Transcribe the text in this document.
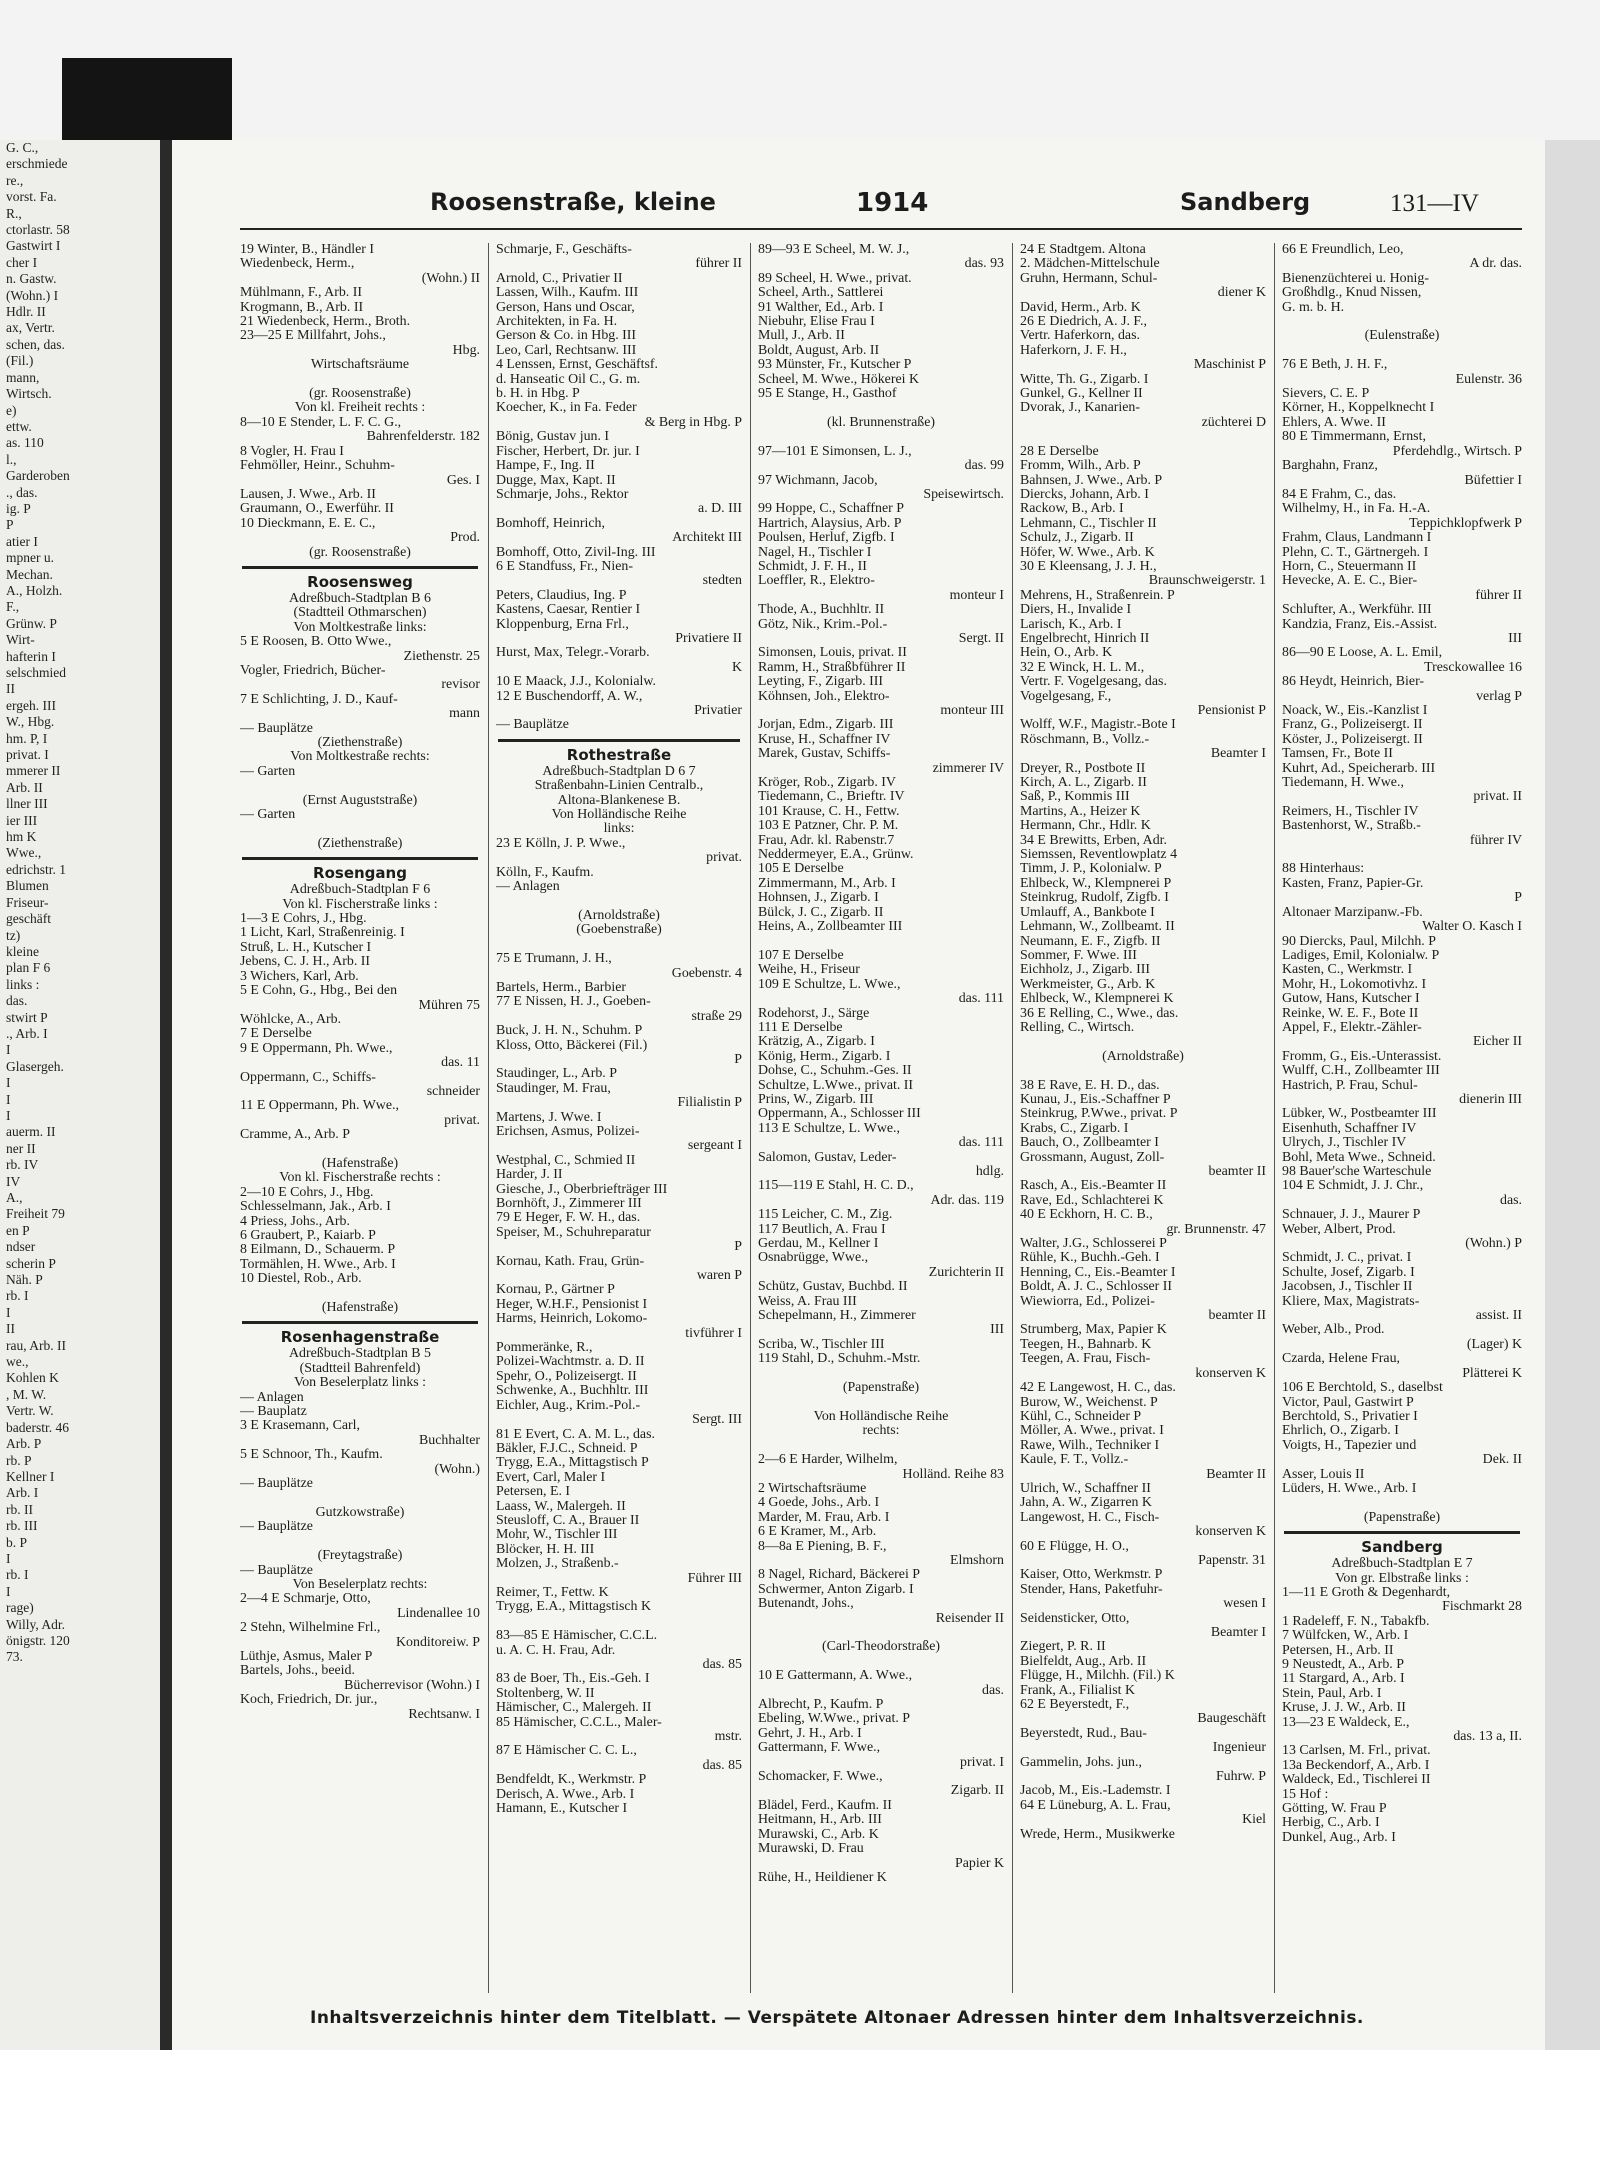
G. C.,
erschmiede
re.,
vorst. Fa.
R.,
ctorlastr. 58
Gastwirt I
cher I
n. Gastw.
(Wohn.) I
Hdlr. II
ax, Vertr.
schen, das.
(Fil.)
mann,
Wirtsch.
e)
ettw.
as. 110
l.,
Garderoben
., das.
ig. P
P
atier I
mpner u.
Mechan.
A., Holzh.
F.,
Grünw. P
Wirt-
hafterin I
selschmied
II
ergeh. III
W., Hbg.
hm. P, I
privat. I
mmerer II
Arb. II
llner III
ier III
hm K
Wwe.,
edrichstr. 1
Blumen
Friseur-
geschäft
tz)
kleine
plan F 6
links :
das.
stwirt P
., Arb. I
I
Glasergeh.
I
I
I
auerm. II
ner II
rb. IV
IV
A.,
Freiheit 79
en P
ndser
scherin P
Näh. P
rb. I
I
II
rau, Arb. II
we.,
Kohlen K
, M. W.
Vertr. W.
baderstr. 46
Arb. P
rb. P
Kellner I
Arb. I
rb. II
rb. III
b. P
I
rb. I
I
rage)
Willy, Adr.
önigstr. 120
73.
Roosenstraße, kleine	1914	Sandberg	131—IV
19 Winter, B., Händler I
Wiedenbeck, Herm.,
(Wohn.) II
Mühlmann, F., Arb. II
Krogmann, B., Arb. II
21 Wiedenbeck, Herm., Broth.
23—25 E Millfahrt, Johs.,
Hbg.
Wirtschaftsräume

(gr. Roosenstraße)
Von kl. Freiheit rechts :
8—10 E Stender, L. F. C. G.,
Bahrenfelderstr. 182
8 Vogler, H. Frau I
Fehmöller, Heinr., Schuhm-
Ges. I
Lausen, J. Wwe., Arb. II
Graumann, O., Ewerführ. II
10 Dieckmann, E. E. C.,
Prod.
(gr. Roosenstraße)
Roosensweg
Adreßbuch-Stadtplan B 6
(Stadtteil Othmarschen)
Von Moltkestraße links:
5 E Roosen, B. Otto Wwe.,
Ziethenstr. 25
Vogler, Friedrich, Bücher-
revisor
7 E Schlichting, J. D., Kauf-
mann
— Bauplätze
(Ziethenstraße)
Von Moltkestraße rechts:
— Garten

(Ernst Auguststraße)
— Garten

(Ziethenstraße)
Rosengang
Adreßbuch-Stadtplan F 6
Von kl. Fischerstraße links :
1—3 E Cohrs, J., Hbg.
1 Licht, Karl, Straßenreinig. I
Struß, L. H., Kutscher I
Jebens, C. J. H., Arb. II
3 Wichers, Karl, Arb.
5 E Cohn, G., Hbg., Bei den
Mühren 75
Wöhlcke, A., Arb.
7 E Derselbe
9 E Oppermann, Ph. Wwe.,
das. 11
Oppermann, C., Schiffs-
schneider
11 E Oppermann, Ph. Wwe.,
privat.
Cramme, A., Arb. P

(Hafenstraße)
Von kl. Fischerstraße rechts :
2—10 E Cohrs, J., Hbg.
Schlesselmann, Jak., Arb. I
4 Priess, Johs., Arb.
6 Graubert, P., Kaiarb. P
8 Eilmann, D., Schauerm. P
Tormählen, H. Wwe., Arb. I
10 Diestel, Rob., Arb.

(Hafenstraße)
Rosenhagenstraße
Adreßbuch-Stadtplan B 5
(Stadtteil Bahrenfeld)
Von Beselerplatz links :
— Anlagen
— Bauplatz
3 E Krasemann, Carl,
Buchhalter
5 E Schnoor, Th., Kaufm.
(Wohn.)
— Bauplätze

Gutzkowstraße)
— Bauplätze

(Freytagstraße)
— Bauplätze
Von Beselerplatz rechts:
2—4 E Schmarje, Otto,
Lindenallee 10
2 Stehn, Wilhelmine Frl.,
Konditoreiw. P
Lüthje, Asmus, Maler P
Bartels, Johs., beeid.
Bücherrevisor (Wohn.) I
Koch, Friedrich, Dr. jur.,
Rechtsanw. I
Schmarje, F., Geschäfts-
führer II
Arnold, C., Privatier II
Lassen, Wilh., Kaufm. III
Gerson, Hans und Oscar,
Architekten, in Fa. H.
Gerson & Co. in Hbg. III
Leo, Carl, Rechtsanw. III
4 Lenssen, Ernst, Geschäftsf.
d. Hanseatic Oil C., G. m.
b. H. in Hbg. P
Koecher, K., in Fa. Feder
& Berg in Hbg. P
Bönig, Gustav jun. I
Fischer, Herbert, Dr. jur. I
Hampe, F., Ing. II
Dugge, Max, Kapt. II
Schmarje, Johs., Rektor
a. D. III
Bomhoff, Heinrich,
Architekt III
Bomhoff, Otto, Zivil-Ing. III
6 E Standfuss, Fr., Nien-
stedten
Peters, Claudius, Ing. P
Kastens, Caesar, Rentier I
Kloppenburg, Erna Frl.,
Privatiere II
Hurst, Max, Telegr.-Vorarb.
K
10 E Maack, J.J., Kolonialw.
12 E Buschendorff, A. W.,
Privatier
— Bauplätze
Rothestraße
Adreßbuch-Stadtplan D 6 7
Straßenbahn-Linien Centralb.,
Altona-Blankenese B.
Von Holländische Reihe
links:
23 E Kölln, J. P. Wwe.,
privat.
Kölln, F., Kaufm.
— Anlagen

(Arnoldstraße)
(Goebenstraße)

75 E Trumann, J. H.,
Goebenstr. 4
Bartels, Herm., Barbier
77 E Nissen, H. J., Goeben-
straße 29
Buck, J. H. N., Schuhm. P
Kloss, Otto, Bäckerei (Fil.)
P
Staudinger, L., Arb. P
Staudinger, M. Frau,
Filialistin P
Martens, J. Wwe. I
Erichsen, Asmus, Polizei-
sergeant I
Westphal, C., Schmied II
Harder, J. II
Giesche, J., Oberbriefträger III
Bornhöft, J., Zimmerer III
79 E Heger, F. W. H., das.
Speiser, M., Schuhreparatur
P
Kornau, Kath. Frau, Grün-
waren P
Kornau, P., Gärtner P
Heger, W.H.F., Pensionist I
Harms, Heinrich, Lokomo-
tivführer I
Pommeränke, R.,
Polizei-Wachtmstr. a. D. II
Spehr, O., Polizeisergt. II
Schwenke, A., Buchhltr. III
Eichler, Aug., Krim.-Pol.-
Sergt. III
81 E Evert, C. A. M. L., das.
Bäkler, F.J.C., Schneid. P
Trygg, E.A., Mittagstisch P
Evert, Carl, Maler I
Petersen, E. I
Laass, W., Malergeh. II
Steusloff, C. A., Brauer II
Mohr, W., Tischler III
Blöcker, H. H. III
Molzen, J., Straßenb.-
Führer III
Reimer, T., Fettw. K
Trygg, E.A., Mittagstisch K

83—85 E Hämischer, C.C.L.
u. A. C. H. Frau, Adr.
das. 85
83 de Boer, Th., Eis.-Geh. I
Stoltenberg, W. II
Hämischer, C., Malergeh. II
85 Hämischer, C.C.L., Maler-
mstr.
87 E Hämischer C. C. L.,
das. 85
Bendfeldt, K., Werkmstr. P
Derisch, A. Wwe., Arb. I
Hamann, E., Kutscher I
89—93 E Scheel, M. W. J.,
das. 93
89 Scheel, H. Wwe., privat.
Scheel, Arth., Sattlerei
91 Walther, Ed., Arb. I
Niebuhr, Elise Frau I
Mull, J., Arb. II
Boldt, August, Arb. II
93 Münster, Fr., Kutscher P
Scheel, M. Wwe., Hökerei K
95 E Stange, H., Gasthof

(kl. Brunnenstraße)

97—101 E Simonsen, L. J.,
das. 99
97 Wichmann, Jacob,
Speisewirtsch.
99 Hoppe, C., Schaffner P
Hartrich, Alaysius, Arb. P
Poulsen, Herluf, Zigfb. I
Nagel, H., Tischler I
Schmidt, J. F. H., II
Loeffler, R., Elektro-
monteur I
Thode, A., Buchhltr. II
Götz, Nik., Krim.-Pol.-
Sergt. II
Simonsen, Louis, privat. II
Ramm, H., Straßbführer II
Leyting, F., Zigarb. III
Köhnsen, Joh., Elektro-
monteur III
Jorjan, Edm., Zigarb. III
Kruse, H., Schaffner IV
Marek, Gustav, Schiffs-
zimmerer IV
Kröger, Rob., Zigarb. IV
Tiedemann, C., Brieftr. IV
101 Krause, C. H., Fettw.
103 E Patzner, Chr. P. M.
Frau, Adr. kl. Rabenstr.7
Neddermeyer, E.A., Grünw.
105 E Derselbe
Zimmermann, M., Arb. I
Hohnsen, J., Zigarb. I
Bülck, J. C., Zigarb. II
Heins, A., Zollbeamter III

107 E Derselbe
Weihe, H., Friseur
109 E Schultze, L. Wwe.,
das. 111
Rodehorst, J., Särge
111 E Derselbe
Krätzig, A., Zigarb. I
König, Herm., Zigarb. I
Dohse, C., Schuhm.-Ges. II
Schultze, L.Wwe., privat. II
Prins, W., Zigarb. III
Oppermann, A., Schlosser III
113 E Schultze, L. Wwe.,
das. 111
Salomon, Gustav, Leder-
hdlg.
115—119 E Stahl, H. C. D.,
Adr. das. 119
115 Leicher, C. M., Zig.
117 Beutlich, A. Frau I
Gerdau, M., Kellner I
Osnabrügge, Wwe.,
Zurichterin II
Schütz, Gustav, Buchbd. II
Weiss, A. Frau III
Schepelmann, H., Zimmerer
III
Scriba, W., Tischler III
119 Stahl, D., Schuhm.-Mstr.

(Papenstraße)

Von Holländische Reihe
rechts:

2—6 E Harder, Wilhelm,
Holländ. Reihe 83
2 Wirtschaftsräume
4 Goede, Johs., Arb. I
Marder, M. Frau, Arb. I
6 E Kramer, M., Arb.
8—8a E Piening, B. F.,
Elmshorn
8 Nagel, Richard, Bäckerei P
Schwermer, Anton Zigarb. I
Butenandt, Johs.,
Reisender II

(Carl-Theodorstraße)

10 E Gattermann, A. Wwe.,
das.
Albrecht, P., Kaufm. P
Ebeling, W.Wwe., privat. P
Gehrt, J. H., Arb. I
Gattermann, F. Wwe.,
privat. I
Schomacker, F. Wwe.,
Zigarb. II
Blädel, Ferd., Kaufm. II
Heitmann, H., Arb. III
Murawski, C., Arb. K
Murawski, D. Frau
Papier K
Rühe, H., Heildiener K
24 E Stadtgem. Altona
2. Mädchen-Mittelschule
Gruhn, Hermann, Schul-
diener K
David, Herm., Arb. K
26 E Diedrich, A. J. F.,
Vertr. Haferkorn, das.
Haferkorn, J. F. H.,
Maschinist P
Witte, Th. G., Zigarb. I
Gunkel, G., Kellner II
Dvorak, J., Kanarien-
züchterei D

28 E Derselbe
Fromm, Wilh., Arb. P
Bahnsen, J. Wwe., Arb. P
Diercks, Johann, Arb. I
Rackow, B., Arb. I
Lehmann, C., Tischler II
Schulz, J., Zigarb. II
Höfer, W. Wwe., Arb. K
30 E Kleensang, J. J. H.,
Braunschweigerstr. 1
Mehrens, H., Straßenrein. P
Diers, H., Invalide I
Larisch, K., Arb. I
Engelbrecht, Hinrich II
Hein, O., Arb. K
32 E Winck, H. L. M.,
Vertr. F. Vogelgesang, das.
Vogelgesang, F.,
Pensionist P
Wolff, W.F., Magistr.-Bote I
Röschmann, B., Vollz.-
Beamter I
Dreyer, R., Postbote II
Kirch, A. L., Zigarb. II
Saß, P., Kommis III
Martins, A., Heizer K
Hermann, Chr., Hdlr. K
34 E Brewitts, Erben, Adr.
Siemssen, Reventlowplatz 4
Timm, J. P., Kolonialw. P
Ehlbeck, W., Klempnerei P
Steinkrug, Rudolf, Zigfb. I
Umlauff, A., Bankbote I
Lehmann, W., Zollbeamt. II
Neumann, E. F., Zigfb. II
Sommer, F. Wwe. III
Eichholz, J., Zigarb. III
Werkmeister, G., Arb. K
Ehlbeck, W., Klempnerei K
36 E Relling, C., Wwe., das.
Relling, C., Wirtsch.

(Arnoldstraße)

38 E Rave, E. H. D., das.
Kunau, J., Eis.-Schaffner P
Steinkrug, P.Wwe., privat. P
Krabs, C., Zigarb. I
Bauch, O., Zollbeamter I
Grossmann, August, Zoll-
beamter II
Rasch, A., Eis.-Beamter II
Rave, Ed., Schlachterei K
40 E Eckhorn, H. C. B.,
gr. Brunnenstr. 47
Walter, J.G., Schlosserei P
Rühle, K., Buchh.-Geh. I
Henning, C., Eis.-Beamter I
Boldt, A. J. C., Schlosser II
Wiewiorra, Ed., Polizei-
beamter II
Strumberg, Max, Papier K
Teegen, H., Bahnarb. K
Teegen, A. Frau, Fisch-
konserven K
42 E Langewost, H. C., das.
Burow, W., Weichenst. P
Kühl, C., Schneider P
Möller, A. Wwe., privat. I
Rawe, Wilh., Techniker I
Kaule, F. T., Vollz.-
Beamter II
Ulrich, W., Schaffner II
Jahn, A. W., Zigarren K
Langewost, H. C., Fisch-
konserven K
60 E Flügge, H. O.,
Papenstr. 31
Kaiser, Otto, Werkmstr. P
Stender, Hans, Paketfuhr-
wesen I
Seidensticker, Otto,
Beamter I
Ziegert, P. R. II
Bielfeldt, Aug., Arb. II
Flügge, H., Milchh. (Fil.) K
Frank, A., Filialist K
62 E Beyerstedt, F.,
Baugeschäft
Beyerstedt, Rud., Bau-
Ingenieur
Gammelin, Johs. jun.,
Fuhrw. P
Jacob, M., Eis.-Lademstr. I
64 E Lüneburg, A. L. Frau,
Kiel
Wrede, Herm., Musikwerke
66 E Freundlich, Leo,
A dr. das.
Bienenzüchterei u. Honig-
Großhdlg., Knud Nissen,
G. m. b. H.

(Eulenstraße)

76 E Beth, J. H. F.,
Eulenstr. 36
Sievers, C. E. P
Körner, H., Koppelknecht I
Ehlers, A. Wwe. II
80 E Timmermann, Ernst,
Pferdehdlg., Wirtsch. P
Barghahn, Franz,
Büfettier I
84 E Frahm, C., das.
Wilhelmy, H., in Fa. H.-A.
Teppichklopfwerk P
Frahm, Claus, Landmann I
Plehn, C. T., Gärtnergeh. I
Horn, C., Steuermann II
Hevecke, A. E. C., Bier-
führer II
Schlufter, A., Werkführ. III
Kandzia, Franz, Eis.-Assist.
III
86—90 E Loose, A. L. Emil,
Tresckowallee 16
86 Heydt, Heinrich, Bier-
verlag P
Noack, W., Eis.-Kanzlist I
Franz, G., Polizeisergt. II
Köster, J., Polizeisergt. II
Tamsen, Fr., Bote II
Kuhrt, Ad., Speicherarb. III
Tiedemann, H. Wwe.,
privat. II
Reimers, H., Tischler IV
Bastenhorst, W., Straßb.-
führer IV

88 Hinterhaus:
Kasten, Franz, Papier-Gr.
P
Altonaer Marzipanw.-Fb.
Walter O. Kasch I
90 Diercks, Paul, Milchh. P
Ladiges, Emil, Kolonialw. P
Kasten, C., Werkmstr. I
Mohr, H., Lokomotivhz. I
Gutow, Hans, Kutscher I
Reinke, W. E. F., Bote II
Appel, F., Elektr.-Zähler-
Eicher II
Fromm, G., Eis.-Unterassist.
Wulff, C.H., Zollbeamter III
Hastrich, P. Frau, Schul-
dienerin III
Lübker, W., Postbeamter III
Eisenhuth, Schaffner IV
Ulrych, J., Tischler IV
Bohl, Meta Wwe., Schneid.
98 Bauer'sche Warteschule
104 E Schmidt, J. J. Chr.,
das.
Schnauer, J. J., Maurer P
Weber, Albert, Prod.
(Wohn.) P
Schmidt, J. C., privat. I
Schulte, Josef, Zigarb. I
Jacobsen, J., Tischler II
Kliere, Max, Magistrats-
assist. II
Weber, Alb., Prod.
(Lager) K
Czarda, Helene Frau,
Plätterei K
106 E Berchtold, S., daselbst
Victor, Paul, Gastwirt P
Berchtold, S., Privatier I
Ehrlich, O., Zigarb. I
Voigts, H., Tapezier und
Dek. II
Asser, Louis II
Lüders, H. Wwe., Arb. I

(Papenstraße)
Sandberg
Adreßbuch-Stadtplan E 7
Von gr. Elbstraße links :
1—11 E Groth & Degenhardt,
Fischmarkt 28
1 Radeleff, F. N., Tabakfb.
7 Wülfcken, W., Arb. I
Petersen, H., Arb. II
9 Neustedt, A., Arb. P
11 Stargard, A., Arb. I
Stein, Paul, Arb. I
Kruse, J. J. W., Arb. II
13—23 E Waldeck, E.,
das. 13 a, II.
13 Carlsen, M. Frl., privat.
13a Beckendorf, A., Arb. I
Waldeck, Ed., Tischlerei II
15 Hof :
Götting, W. Frau P
Herbig, C., Arb. I
Dunkel, Aug., Arb. I
Inhaltsverzeichnis hinter dem Titelblatt. — Verspätete Altonaer Adressen hinter dem Inhaltsverzeichnis.
